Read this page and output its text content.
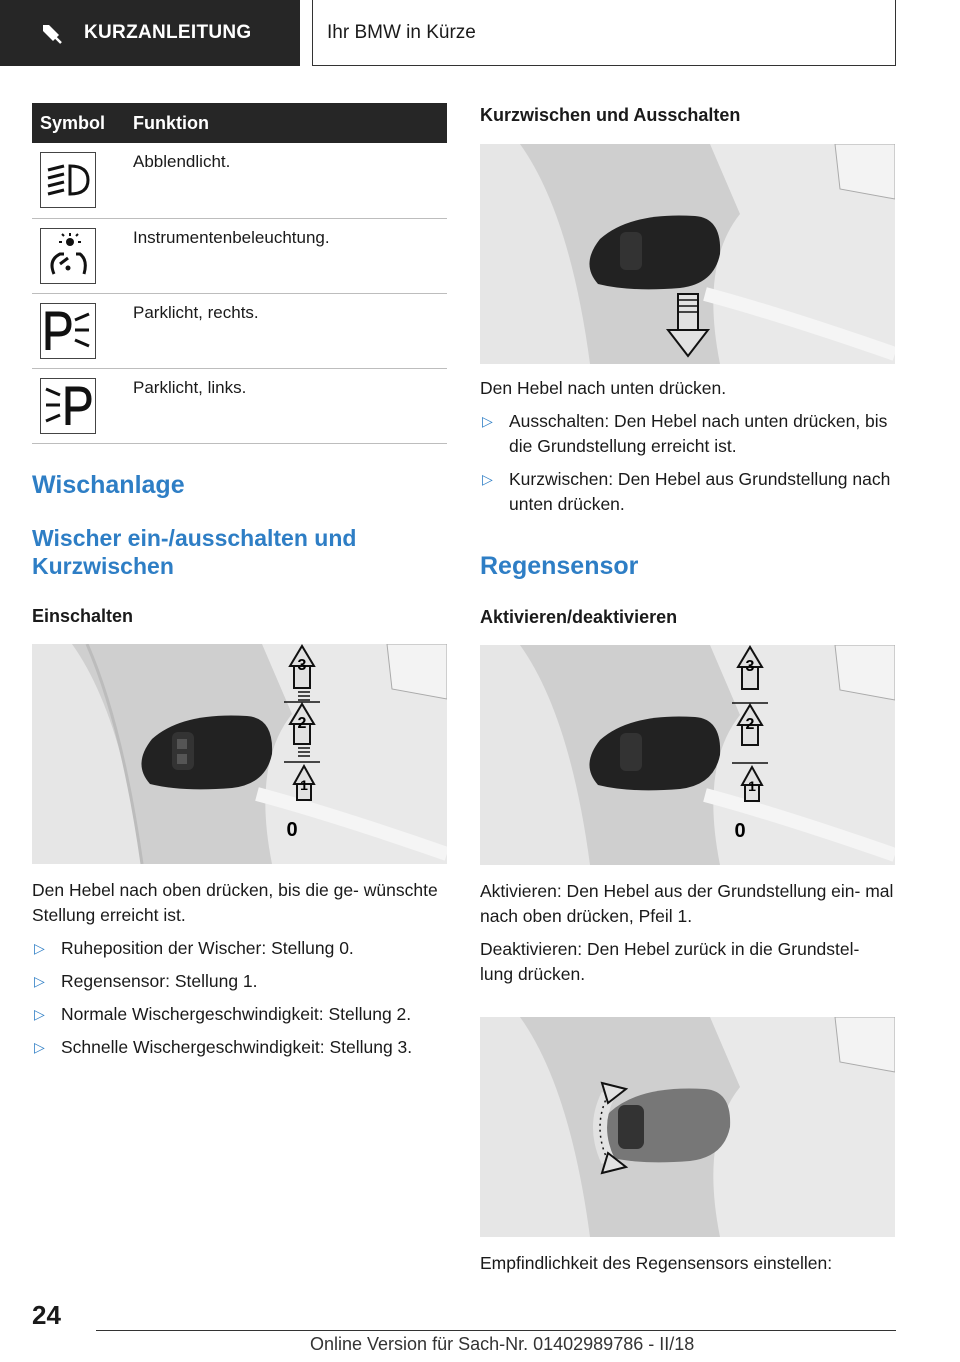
KURZANLEITUNG	Ihr BMW in Kürze
Symbol	Funktion

	Abblendlicht.

	Instrumentenbeleuchtung.

	Parklicht, rechts.

	Parklicht, links.
Wischanlage
Wischer ein-/ausschalten und Kurzwischen
Einschalten
3
2
1
0

Den Hebel nach oben drücken, bis die ge‐ wünschte Stellung erreicht ist.

▷ Ruheposition der Wischer: Stellung 0.
▷ Regensensor: Stellung 1.
▷ Normale Wischergeschwindigkeit: Stellung 2.
▷ Schnelle Wischergeschwindigkeit: Stellung 3.
Kurzwischen und Ausschalten

Den Hebel nach unten drücken.

▷ Ausschalten: Den Hebel nach unten drücken, bis die Grundstellung erreicht ist.
▷ Kurzwischen: Den Hebel aus Grundstellung nach unten drücken.
Regensensor
Aktivieren/deaktivieren
3
2
1
0

Aktivieren: Den Hebel aus der Grundstellung ein‐ mal nach oben drücken, Pfeil 1.

Deaktivieren: Den Hebel zurück in die Grundstel‐ lung drücken.

Empfindlichkeit des Regensensors einstellen:

24
Online Version für Sach-Nr. 01402989786 - II/18
